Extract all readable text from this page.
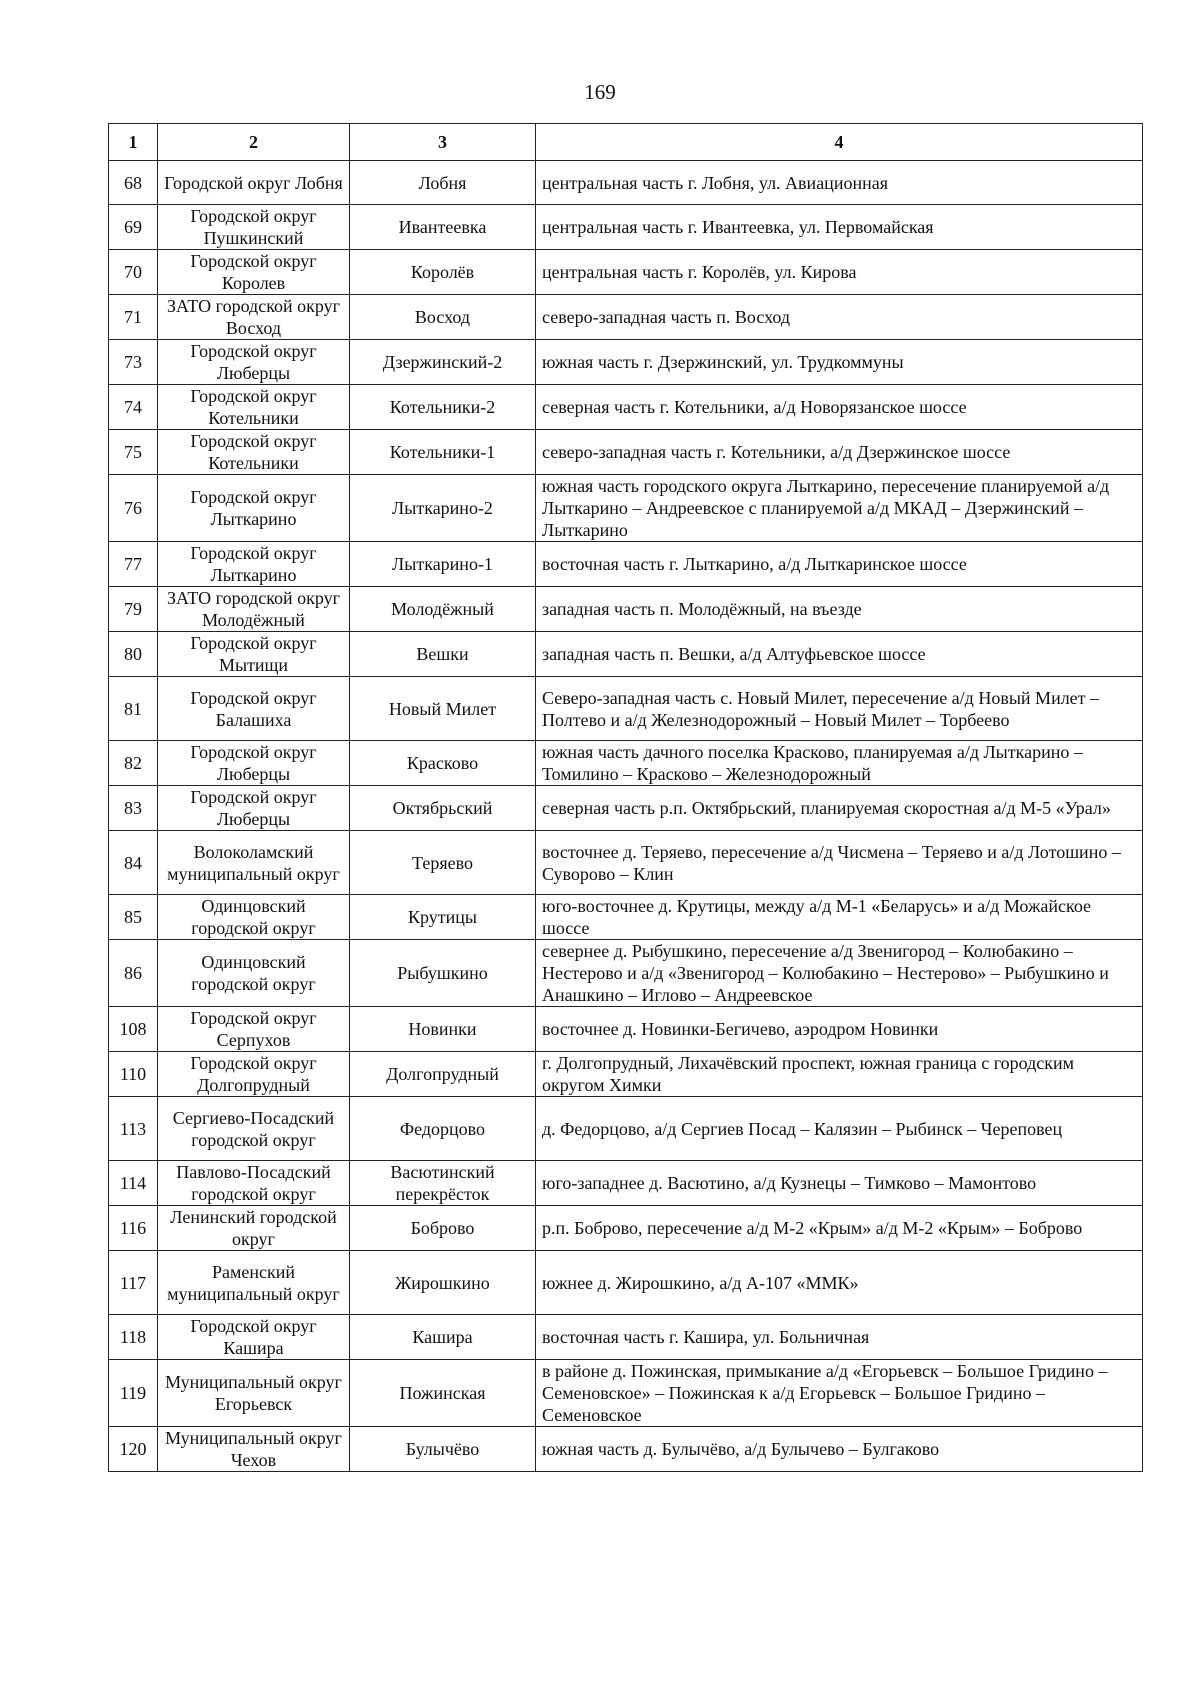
169
1	2	3	4
68	Городской округ Лобня	Лобня	центральная часть г. Лобня, ул. Авиационная
69	Городской округ Пушкинский	Ивантеевка	центральная часть г. Ивантеевка, ул. Первомайская
70	Городской округ Королев	Королёв	центральная часть г. Королёв, ул. Кирова
71	ЗАТО городской округ Восход	Восход	северо-западная часть п. Восход
73	Городской округ Люберцы	Дзержинский-2	южная часть г. Дзержинский, ул. Трудкоммуны
74	Городской округ Котельники	Котельники-2	северная часть г. Котельники, а/д Новорязанское шоссе
75	Городской округ Котельники	Котельники-1	северо-западная часть г. Котельники, а/д Дзержинское шоссе
76	Городской округ Лыткарино	Лыткарино-2	южная часть городского округа Лыткарино, пересечение планируемой а/д Лыткарино – Андреевское с планируемой а/д МКАД – Дзержинский – Лыткарино
77	Городской округ Лыткарино	Лыткарино-1	восточная часть г. Лыткарино, а/д Лыткаринское шоссе
79	ЗАТО городской округ Молодёжный	Молодёжный	западная часть п. Молодёжный, на въезде
80	Городской округ Мытищи	Вешки	западная часть п. Вешки, а/д Алтуфьевское шоссе
81	Городской округ Балашиха	Новый Милет	Северо-западная часть с. Новый Милет, пересечение а/д Новый Милет – Полтево и а/д Железнодорожный – Новый Милет – Торбеево
82	Городской округ Люберцы	Красково	южная часть дачного поселка Красково, планируемая а/д Лыткарино – Томилино – Красково – Железнодорожный
83	Городской округ Люберцы	Октябрьский	северная часть р.п. Октябрьский, планируемая скоростная а/д М-5 «Урал»
84	Волоколамский муниципальный округ	Теряево	восточнее д. Теряево, пересечение а/д Чисмена – Теряево и а/д Лотошино – Суворово – Клин
85	Одинцовский городской округ	Крутицы	юго-восточнее д. Крутицы, между а/д М-1 «Беларусь» и а/д Можайское шоссе
86	Одинцовский городской округ	Рыбушкино	севернее д. Рыбушкино, пересечение а/д Звенигород – Колюбакино – Нестерово и а/д «Звенигород – Колюбакино – Нестерово» – Рыбушкино и Анашкино – Иглово – Андреевское
108	Городской округ Серпухов	Новинки	восточнее д. Новинки-Бегичево, аэродром Новинки
110	Городской округ Долгопрудный	Долгопрудный	г. Долгопрудный, Лихачёвский проспект, южная граница с городским округом Химки
113	Сергиево-Посадский городской округ	Федорцово	д. Федорцово, а/д Сергиев Посад – Калязин – Рыбинск – Череповец
114	Павлово-Посадский городской округ	Васютинский перекрёсток	юго-западнее д. Васютино, а/д Кузнецы – Тимково – Мамонтово
116	Ленинский городской округ	Боброво	р.п. Боброво, пересечение а/д М-2 «Крым» а/д М-2 «Крым» – Боброво
117	Раменский муниципальный округ	Жирошкино	южнее д. Жирошкино, а/д А-107 «ММК»
118	Городской округ Кашира	Кашира	восточная часть г. Кашира, ул. Больничная
119	Муниципальный округ Егорьевск	Пожинская	в районе д. Пожинская, примыкание а/д «Егорьевск – Большое Гридино – Семеновское» – Пожинская к а/д Егорьевск – Большое Гридино – Семеновское
120	Муниципальный округ Чехов	Булычёво	южная часть д. Булычёво, а/д Булычево – Булгаково
